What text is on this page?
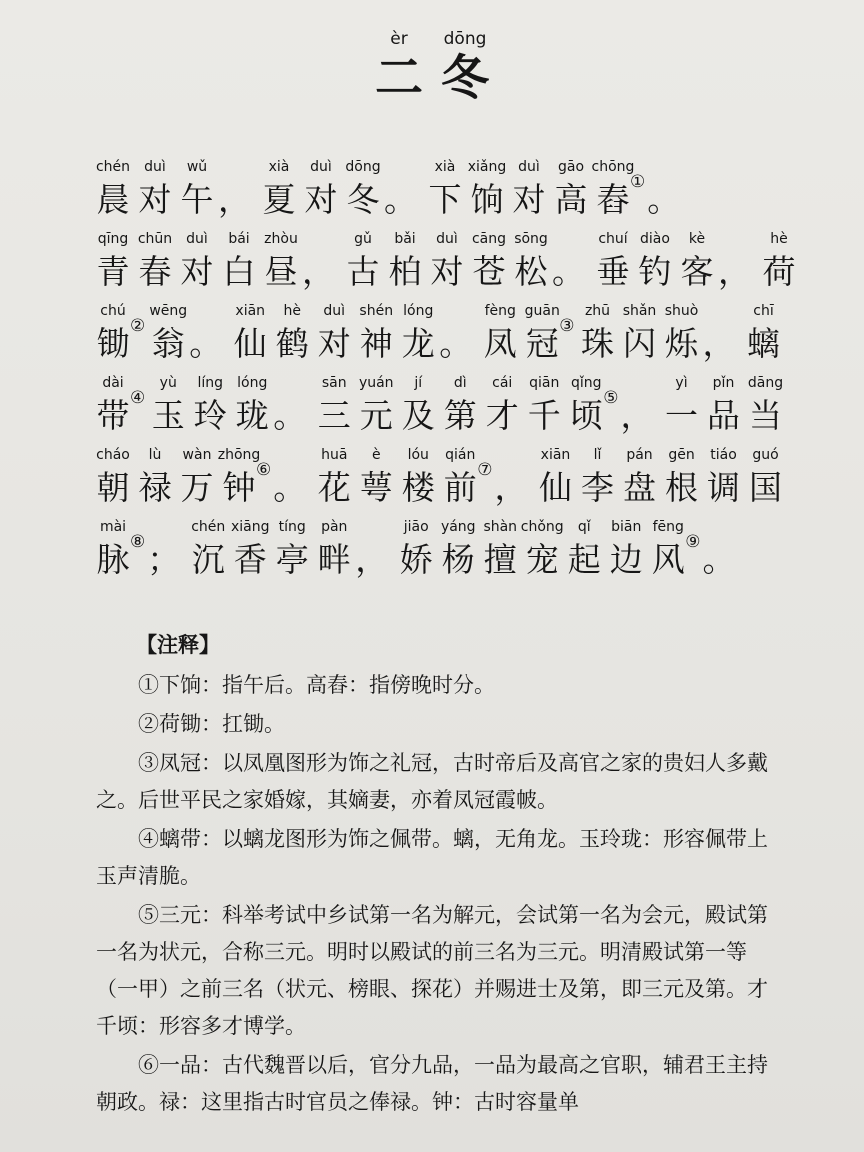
èr
二
dōng
冬
chén
晨
duì
对
wǔ
午 ，
xià
夏
duì
对
dōng
冬 。
xià
下
xiǎng
饷
duì
对
gāo
高
chōng
舂 ① 。
qīng
青
chūn
春
duì
对
bái
白
zhòu
昼 ，
gǔ
古
bǎi
柏
duì
对
cāng
苍
sōng
松 。
chuí
垂
diào
钓
kè
客 ，
hè
荷
chú
锄 ②
wēng
翁 。
xiān
仙
hè
鹤
duì
对
shén
神
lóng
龙 。
fèng
凤
guān
冠 ③
zhū
珠
shǎn
闪
shuò
烁 ，
chī
螭
dài
带 ④
yù
玉
líng
玲
lóng
珑 。
sān
三
yuán
元
jí
及
dì
第
cái
才
qiān
千
qǐng
顷 ⑤ ，
yì
一
pǐn
品
dāng
当
cháo
朝
lù
禄
wàn
万
zhōng
钟 ⑥ 。
huā
花
è
萼
lóu
楼
qián
前 ⑦ ，
xiān
仙
lǐ
李
pán
盘
gēn
根
tiáo
调
guó
国
mài
脉 ⑧ ；
chén
沉
xiāng
香
tíng
亭
pàn
畔 ，
jiāo
娇
yáng
杨
shàn
擅
chǒng
宠
qǐ
起
biān
边
fēng
风 ⑨ 。
【注释】

①下饷：指午后。高舂：指傍晚时分。

②荷锄：扛锄。

③凤冠：以凤凰图形为饰之礼冠，古时帝后及高官之家的贵妇人多戴之。后世平民之家婚嫁，其嫡妻，亦着凤冠霞帔。

④螭带：以螭龙图形为饰之佩带。螭，无角龙。玉玲珑：形容佩带上玉声清脆。

⑤三元：科举考试中乡试第一名为解元，会试第一名为会元，殿试第一名为状元，合称三元。明时以殿试的前三名为三元。明清殿试第一等（一甲）之前三名（状元、榜眼、探花）并赐进士及第，即三元及第。才千顷：形容多才博学。

⑥一品：古代魏晋以后，官分九品，一品为最高之官职，辅君王主持朝政。禄：这里指古时官员之俸禄。钟：古时容量单
